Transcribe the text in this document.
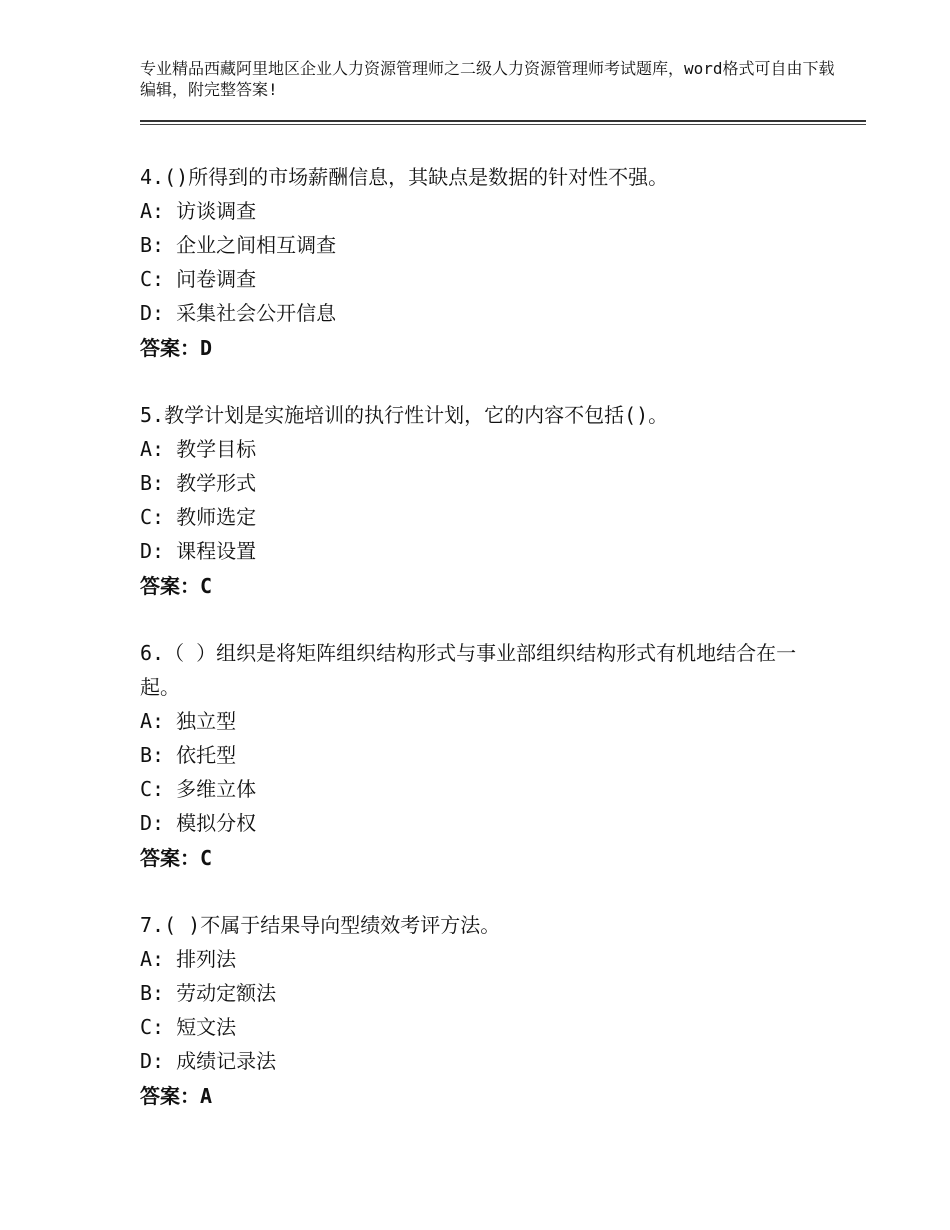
专业精品西藏阿里地区企业人力资源管理师之二级人力资源管理师考试题库，word格式可自由下载编辑，附完整答案!

4.()所得到的市场薪酬信息，其缺点是数据的针对性不强。

A: 访谈调查

B: 企业之间相互调查

C: 问卷调查

D: 采集社会公开信息

答案：D

5.教学计划是实施培训的执行性计划，它的内容不包括()。

A: 教学目标

B: 教学形式

C: 教师选定

D: 课程设置

答案：C

6.（ ）组织是将矩阵组织结构形式与事业部组织结构形式有机地结合在一起。

A: 独立型

B: 依托型

C: 多维立体

D: 模拟分权

答案：C

7.( )不属于结果导向型绩效考评方法。

A: 排列法

B: 劳动定额法

C: 短文法

D: 成绩记录法

答案：A
